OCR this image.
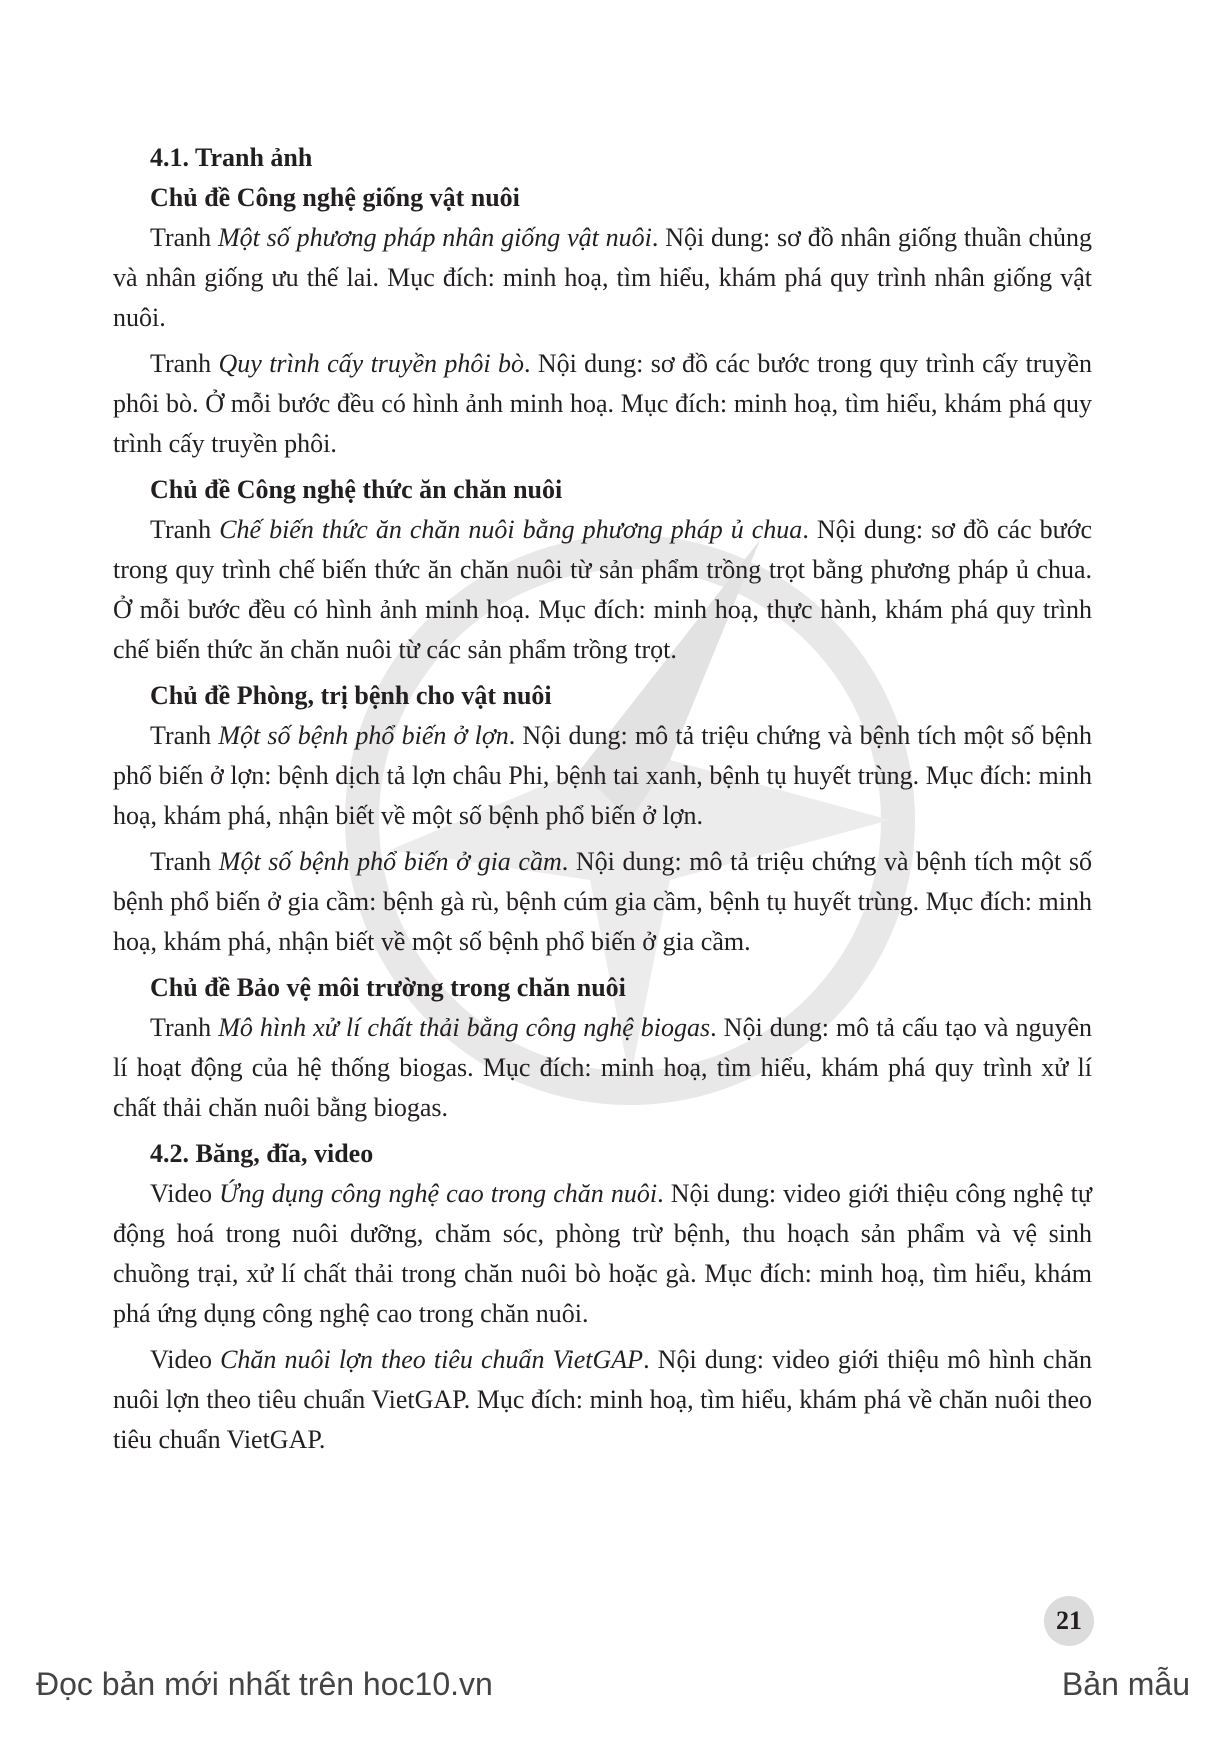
4.1. Tranh ảnh
Chủ đề Công nghệ giống vật nuôi

Tranh Một số phương pháp nhân giống vật nuôi. Nội dung: sơ đồ nhân giống thuần chủng và nhân giống ưu thế lai. Mục đích: minh hoạ, tìm hiểu, khám phá quy trình nhân giống vật nuôi.

Tranh Quy trình cấy truyền phôi bò. Nội dung: sơ đồ các bước trong quy trình cấy truyền phôi bò. Ở mỗi bước đều có hình ảnh minh hoạ. Mục đích: minh hoạ, tìm hiểu, khám phá quy trình cấy truyền phôi.

Chủ đề Công nghệ thức ăn chăn nuôi

Tranh Chế biến thức ăn chăn nuôi bằng phương pháp ủ chua. Nội dung: sơ đồ các bước trong quy trình chế biến thức ăn chăn nuôi từ sản phẩm trồng trọt bằng phương pháp ủ chua. Ở mỗi bước đều có hình ảnh minh hoạ. Mục đích: minh hoạ, thực hành, khám phá quy trình chế biến thức ăn chăn nuôi từ các sản phẩm trồng trọt.

Chủ đề Phòng, trị bệnh cho vật nuôi

Tranh Một số bệnh phổ biến ở lợn. Nội dung: mô tả triệu chứng và bệnh tích một số bệnh phổ biến ở lợn: bệnh dịch tả lợn châu Phi, bệnh tai xanh, bệnh tụ huyết trùng. Mục đích: minh hoạ, khám phá, nhận biết về một số bệnh phổ biến ở lợn.

Tranh Một số bệnh phổ biến ở gia cầm. Nội dung: mô tả triệu chứng và bệnh tích một số bệnh phổ biến ở gia cầm: bệnh gà rù, bệnh cúm gia cầm, bệnh tụ huyết trùng. Mục đích: minh hoạ, khám phá, nhận biết về một số bệnh phổ biến ở gia cầm.

Chủ đề Bảo vệ môi trường trong chăn nuôi

Tranh Mô hình xử lí chất thải bằng công nghệ biogas. Nội dung: mô tả cấu tạo và nguyên lí hoạt động của hệ thống biogas. Mục đích: minh hoạ, tìm hiểu, khám phá quy trình xử lí chất thải chăn nuôi bằng biogas.

4.2. Băng, đĩa, video

Video Ứng dụng công nghệ cao trong chăn nuôi. Nội dung: video giới thiệu công nghệ tự động hoá trong nuôi dưỡng, chăm sóc, phòng trừ bệnh, thu hoạch sản phẩm và vệ sinh chuồng trại, xử lí chất thải trong chăn nuôi bò hoặc gà. Mục đích: minh hoạ, tìm hiểu, khám phá ứng dụng công nghệ cao trong chăn nuôi.

Video Chăn nuôi lợn theo tiêu chuẩn VietGAP. Nội dung: video giới thiệu mô hình chăn nuôi lợn theo tiêu chuẩn VietGAP. Mục đích: minh hoạ, tìm hiểu, khám phá về chăn nuôi theo tiêu chuẩn VietGAP.

21
Đọc bản mới nhất trên hoc10.vn	Bản mẫu
